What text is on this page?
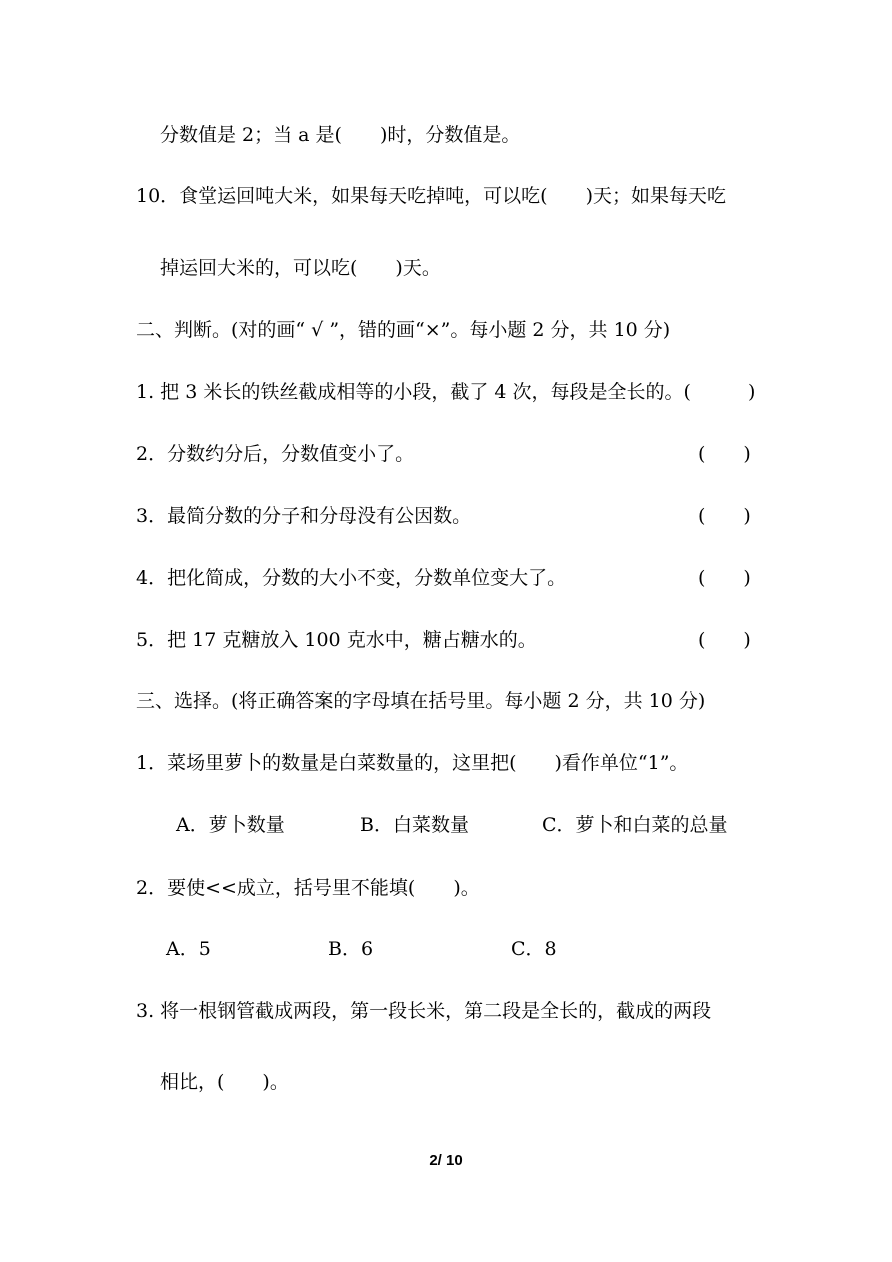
分数值是 2；当 a 是(　　)时，分数值是。
10．食堂运回吨大米，如果每天吃掉吨，可以吃(　　)天；如果每天吃
掉运回大米的，可以吃(　　)天。
二、判断。(对的画“ √ ”，错的画“×”。每小题 2 分，共 10 分)
1. 把 3 米长的铁丝截成相等的小段，截了 4 次，每段是全长的。(	)
2．分数约分后，分数值变小了。	(　　)
3．最简分数的分子和分母没有公因数。	(　　)
4．把化简成，分数的大小不变，分数单位变大了。	(　　)
5．把 17 克糖放入 100 克水中，糖占糖水的。	(　　)
三、选择。(将正确答案的字母填在括号里。每小题 2 分，共 10 分)
1．菜场里萝卜的数量是白菜数量的，这里把(　　)看作单位“1”。
A．萝卜数量	B．白菜数量	C．萝卜和白菜的总量
2．要使<<成立，括号里不能填(　　)。
A．5	B．6	C．8
3. 将一根钢管截成两段，第一段长米，第二段是全长的，截成的两段
相比，(　　)。
2/ 10
